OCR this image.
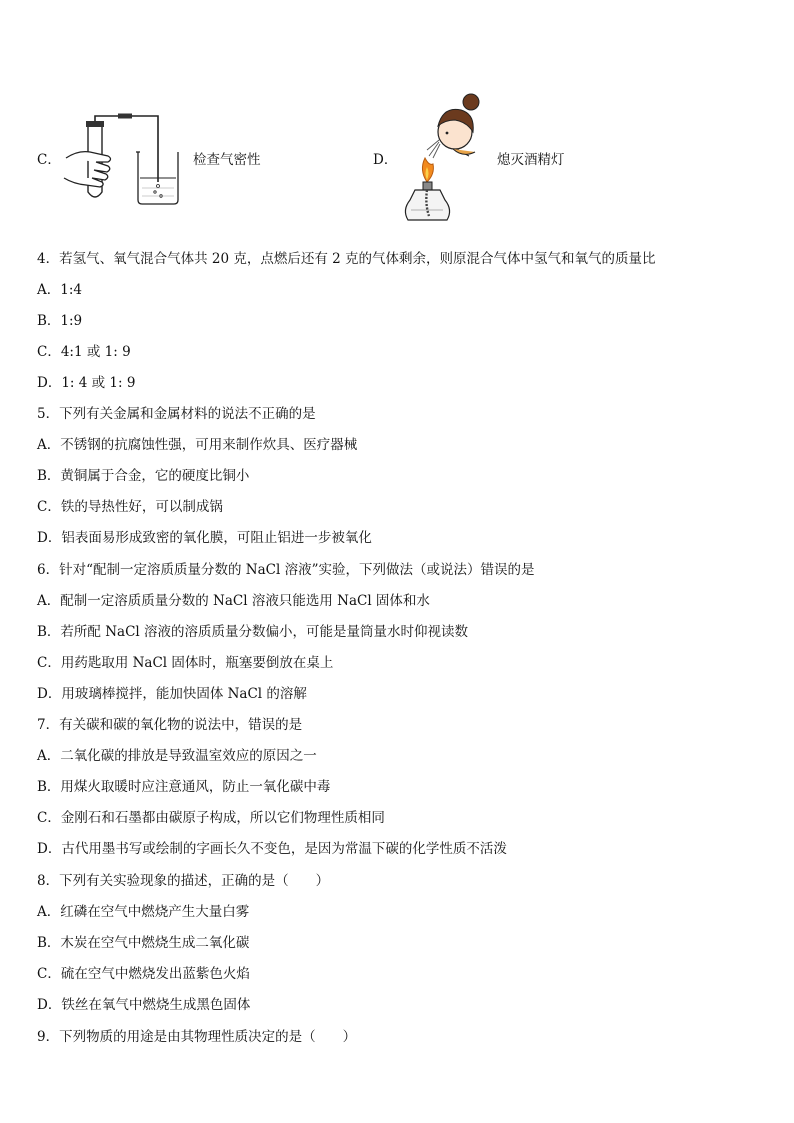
C．	检查气密性	D．	熄灭酒精灯
4．若氢气、氧气混合气体共 20 克，点燃后还有 2 克的气体剩余，则原混合气体中氢气和氧气的质量比
A．1:4
B．1:9
C．4:1 或 1: 9
D．1: 4 或 1: 9
5．下列有关金属和金属材料的说法不正确的是
A．不锈钢的抗腐蚀性强，可用来制作炊具、医疗器械
B．黄铜属于合金，它的硬度比铜小
C．铁的导热性好，可以制成锅
D．铝表面易形成致密的氧化膜，可阻止铝进一步被氧化
6．针对“配制一定溶质质量分数的 NaCl 溶液”实验，下列做法（或说法）错误的是
A．配制一定溶质质量分数的 NaCl 溶液只能选用 NaCl 固体和水
B．若所配 NaCl 溶液的溶质质量分数偏小，可能是量筒量水时仰视读数
C．用药匙取用 NaCl 固体时，瓶塞要倒放在桌上
D．用玻璃棒搅拌，能加快固体 NaCl 的溶解
7．有关碳和碳的氧化物的说法中，错误的是
A．二氧化碳的排放是导致温室效应的原因之一
B．用煤火取暖时应注意通风，防止一氧化碳中毒
C．金刚石和石墨都由碳原子构成，所以它们物理性质相同
D．古代用墨书写或绘制的字画长久不变色，是因为常温下碳的化学性质不活泼
8．下列有关实验现象的描述，正确的是（　　）
A．红磷在空气中燃烧产生大量白雾
B．木炭在空气中燃烧生成二氧化碳
C．硫在空气中燃烧发出蓝紫色火焰
D．铁丝在氧气中燃烧生成黑色固体
9．下列物质的用途是由其物理性质决定的是（　　）
